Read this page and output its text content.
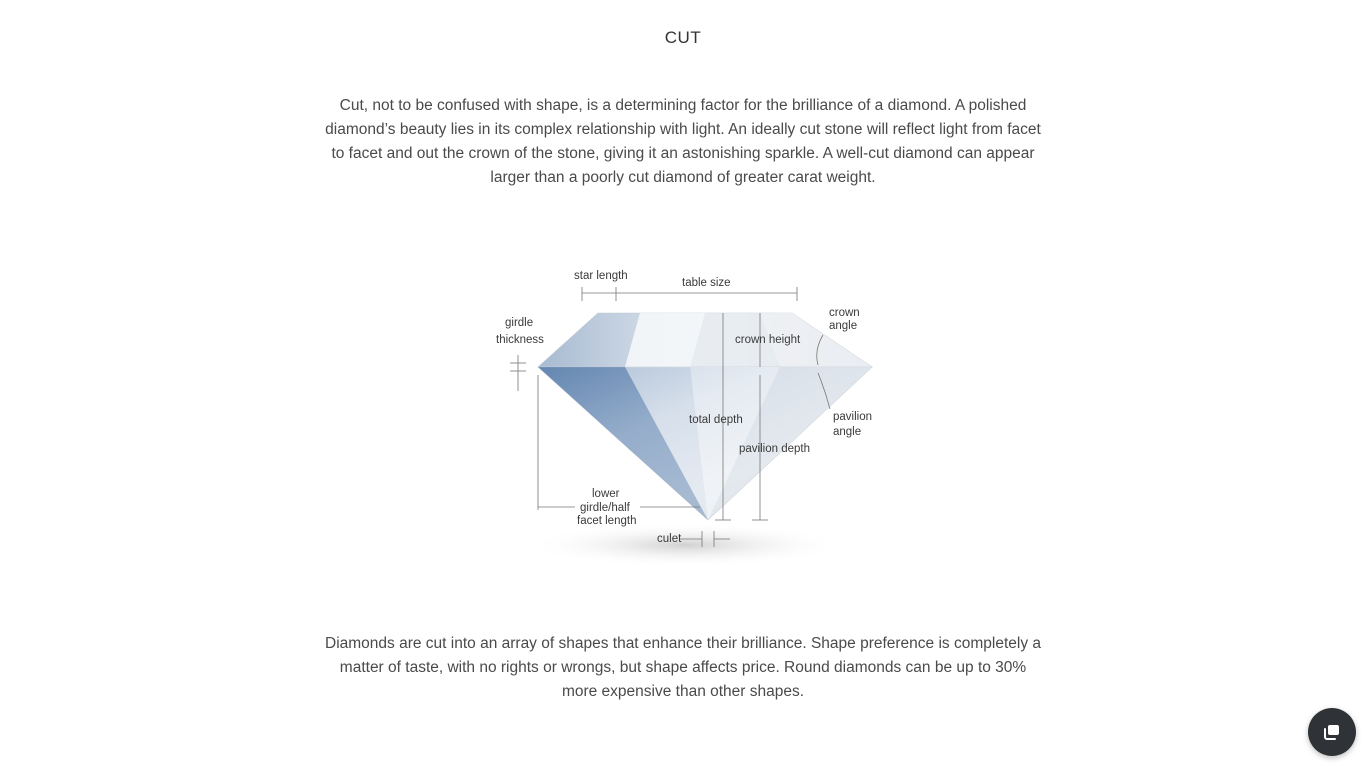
CUT

Cut, not to be confused with shape, is a determining factor for the brilliance of a diamond. A polished diamond’s beauty lies in its complex relationship with light. An ideally cut stone will reflect light from facet to facet and out the crown of the stone, giving it an astonishing sparkle. A well-cut diamond can appear larger than a poorly cut diamond of greater carat weight.

star length
table size
girdle
thickness
crown
angle
crown height
total depth	pavilion
angle
pavilion depth
lower
girdle/half
facet length
culet

Diamonds are cut into an array of shapes that enhance their brilliance. Shape preference is completely a matter of taste, with no rights or wrongs, but shape affects price. Round diamonds can be up to 30% more expensive than other shapes.
